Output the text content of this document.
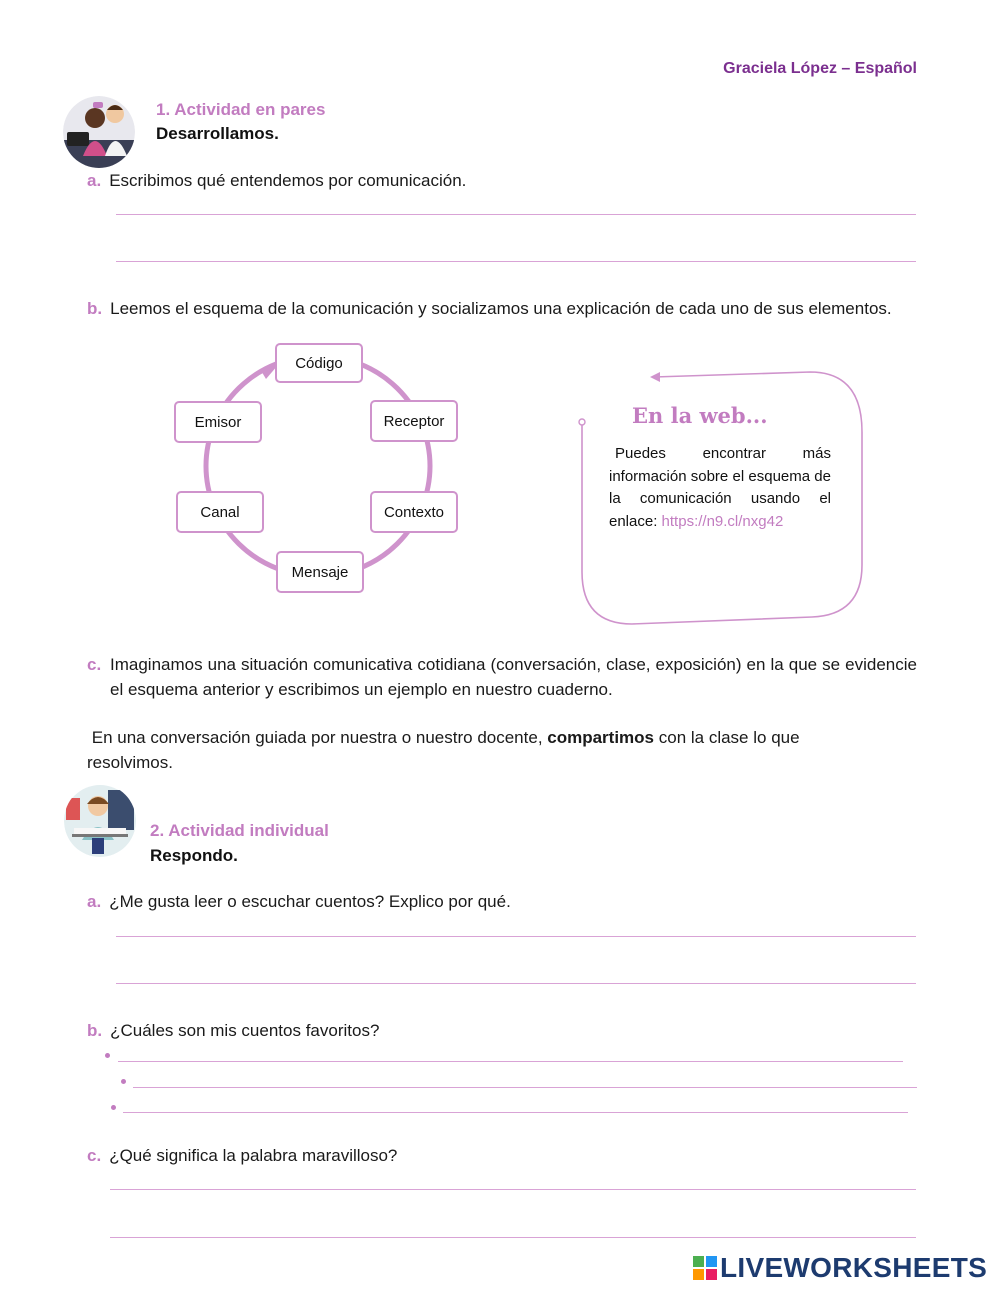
Graciela López – Español
1. Actividad en pares
Desarrollamos.
a. Escribimos qué entendemos por comunicación.
b. Leemos el esquema de la comunicación y socializamos una explicación de cada uno de sus elementos.
Código
Emisor	Receptor
Canal	Contexto
Mensaje
En la web...
Puedes encontrar más información sobre el esquema de la comunicación usando el enlace: https://n9.cl/nxg42
c. Imaginamos una situación comunicativa cotidiana (conversación, clase, exposición) en la que se evidencie el esquema anterior y escribimos un ejemplo en nuestro cuaderno.
En una conversación guiada por nuestra o nuestro docente, compartimos con la clase lo que resolvimos.
2. Actividad individual
Respondo.
a. ¿Me gusta leer o escuchar cuentos? Explico por qué.
b. ¿Cuáles son mis cuentos favoritos?
c. ¿Qué significa la palabra maravilloso?
LIVEWORKSHEETS
